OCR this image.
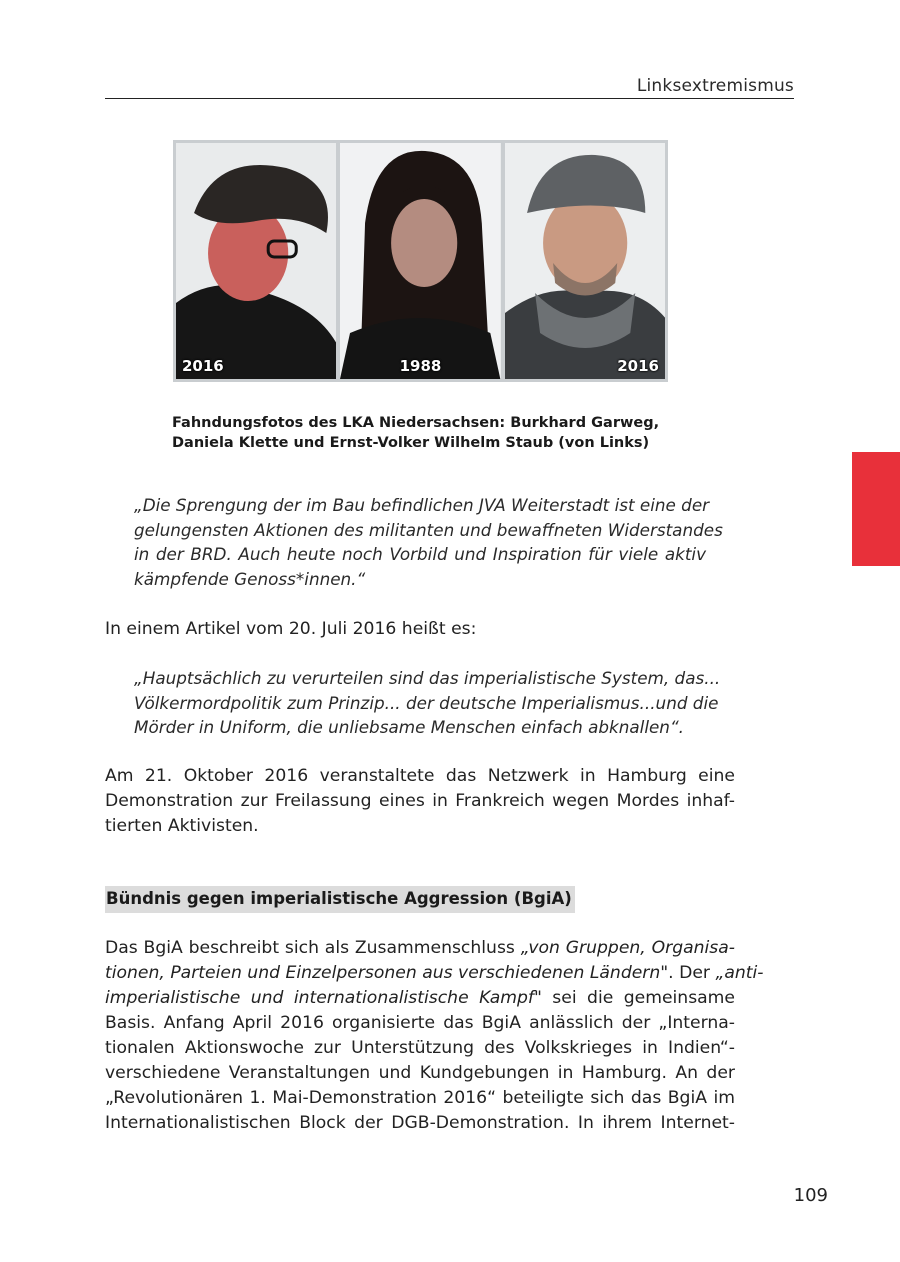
Linksextremismus
2016	1988	2016
Fahndungsfotos des LKA Niedersachsen: Burkhard Garweg,
Daniela Klette und Ernst-Volker Wilhelm Staub (von Links)
„Die Sprengung der im Bau befindlichen JVA Weiterstadt ist eine der
gelungensten Aktionen des militanten und bewaffneten Widerstandes
in der BRD. Auch heute noch Vorbild und Inspiration für viele aktiv
kämpfende Genoss*innen.“
In einem Artikel vom 20. Juli 2016 heißt es:
„Hauptsächlich zu verurteilen sind das imperialistische System, das...
Völkermordpolitik zum Prinzip... der deutsche Imperialismus...und die
Mörder in Uniform, die unliebsame Menschen einfach abknallen“.
Am 21. Oktober 2016 veranstaltete das Netzwerk in Hamburg eine
Demonstration zur Freilassung eines in Frankreich wegen Mordes inhaf-
tierten Aktivisten.
Bündnis gegen imperialistische Aggression (BgiA)
Das BgiA beschreibt sich als Zusammenschluss „von Gruppen, Organisa-
tionen, Parteien und Einzelpersonen aus verschiedenen Ländern". Der „anti-
imperialistische und internationalistische Kampf" sei die gemeinsame
Basis. Anfang April 2016 organisierte das BgiA anlässlich der „Interna-
tionalen Aktionswoche zur Unterstützung des Volkskrieges in Indien“-
verschiedene Veranstaltungen und Kundgebungen in Hamburg. An der
„Revolutionären 1. Mai-Demonstration 2016“ beteiligte sich das BgiA im
Internationalistischen Block der DGB-Demonstration. In ihrem Internet-
109
